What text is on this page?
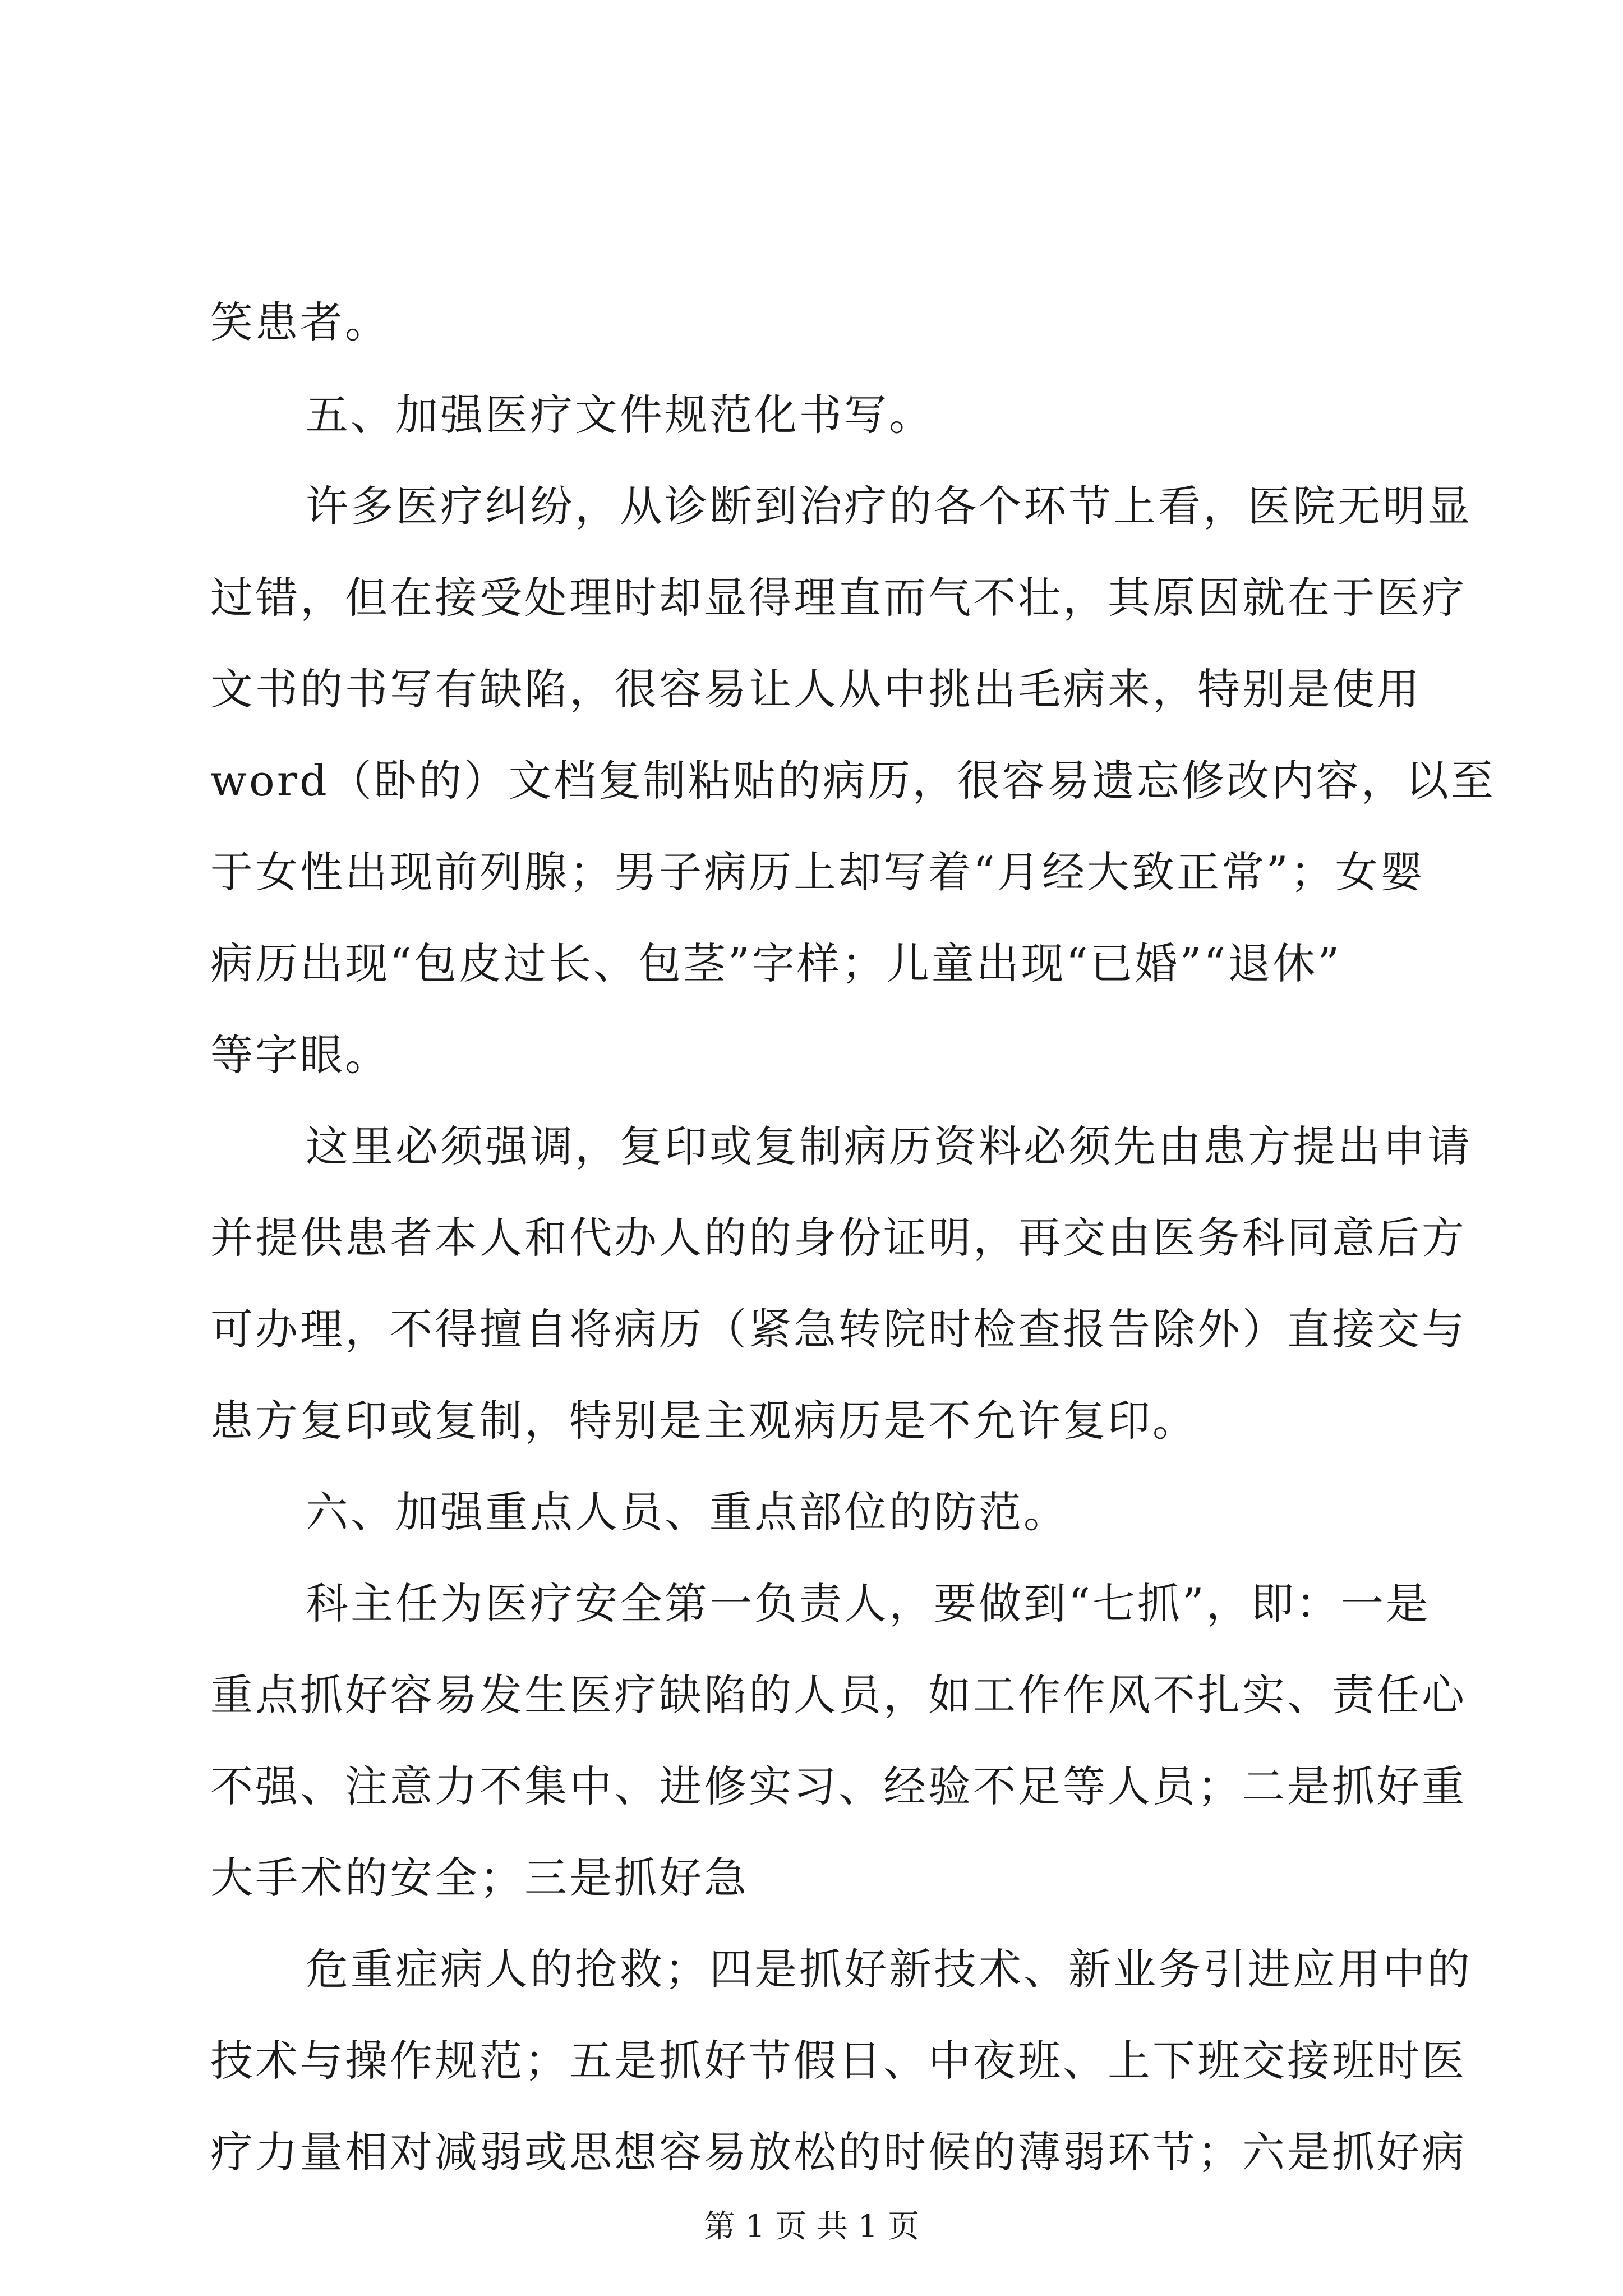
笑患者。
五、加强医疗文件规范化书写。
许多医疗纠纷，从诊断到治疗的各个环节上看，医院无明显
过错，但在接受处理时却显得理直而气不壮，其原因就在于医疗
文书的书写有缺陷，很容易让人从中挑出毛病来，特别是使用
word（卧的）文档复制粘贴的病历，很容易遗忘修改内容，以至
于女性出现前列腺；男子病历上却写着“月经大致正常”；女婴
病历出现“包皮过长、包茎”字样；儿童出现“已婚”“退休”
等字眼。
这里必须强调，复印或复制病历资料必须先由患方提出申请
并提供患者本人和代办人的的身份证明，再交由医务科同意后方
可办理，不得擅自将病历（紧急转院时检查报告除外）直接交与
患方复印或复制，特别是主观病历是不允许复印。
六、加强重点人员、重点部位的防范。
科主任为医疗安全第一负责人，要做到“七抓”，即：一是
重点抓好容易发生医疗缺陷的人员，如工作作风不扎实、责任心
不强、注意力不集中、进修实习、经验不足等人员；二是抓好重
大手术的安全；三是抓好急
危重症病人的抢救；四是抓好新技术、新业务引进应用中的
技术与操作规范；五是抓好节假日、中夜班、上下班交接班时医
疗力量相对减弱或思想容易放松的时候的薄弱环节；六是抓好病
第 1 页 共 1 页
